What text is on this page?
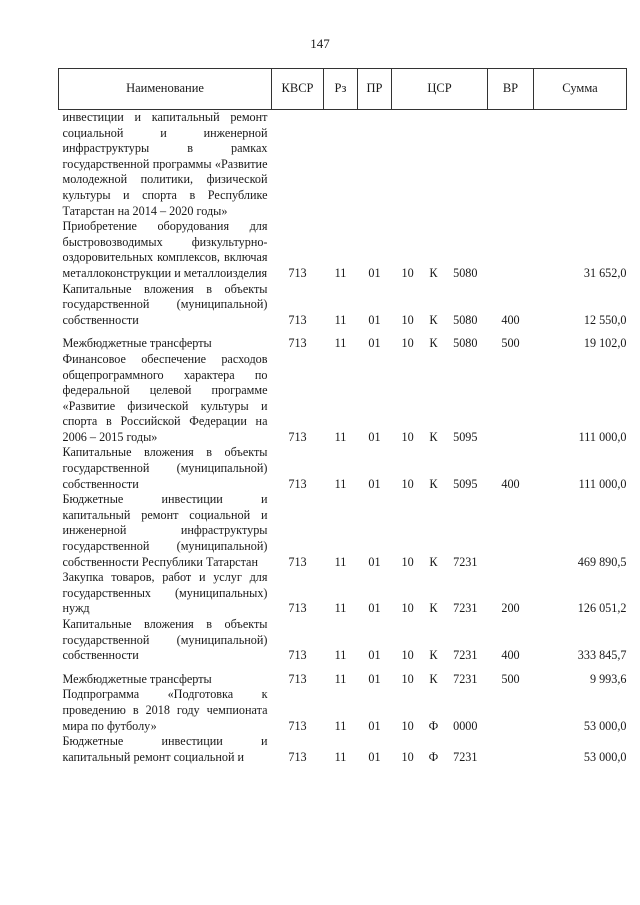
147
Наименование	КВСР	Рз	ПР	ЦСР	ВР	Сумма
инвестиции и капитальный ремонт социальной и инженерной инфраструктуры в рамках государственной программы «Развитие молодежной политики, физической культуры и спорта в Республике Татарстан на 2014 – 2020 годы»				

Приобретение оборудования для быстровозводимых физкультурно-оздоровительных комплексов, включая металлоконструкции и металлоизделия	713	11	01	10 К 5080		31 652,0
Капитальные вложения в объекты государственной (муниципальной) собственности	713	11	01	10 К 5080	400	12 550,0
Межбюджетные трансферты	713	11	01	10 К 5080	500	19 102,0
Финансовое обеспечение расходов общепрограммного характера по федеральной целевой программе «Развитие физической культуры и спорта в Российской Федерации на 2006 – 2015 годы»	713	11	01	10 К 5095		111 000,0
Капитальные вложения в объекты государственной (муниципальной) собственности	713	11	01	10 К 5095	400	111 000,0
Бюджетные инвестиции и капитальный ремонт социальной и инженерной инфраструктуры государственной (муниципальной) собственности Республики Татарстан	713	11	01	10 К 7231		469 890,5
Закупка товаров, работ и услуг для государственных (муниципальных) нужд	713	11	01	10 К 7231	200	126 051,2
Капитальные вложения в объекты государственной (муниципальной) собственности	713	11	01	10 К 7231	400	333 845,7
Межбюджетные трансферты	713	11	01	10 К 7231	500	9 993,6
Подпрограмма «Подготовка к проведению в 2018 году чемпионата мира по футболу»	713	11	01	10 Ф 0000		53 000,0
Бюджетные инвестиции и капитальный ремонт социальной и	713	11	01	10 Ф 7231		53 000,0
